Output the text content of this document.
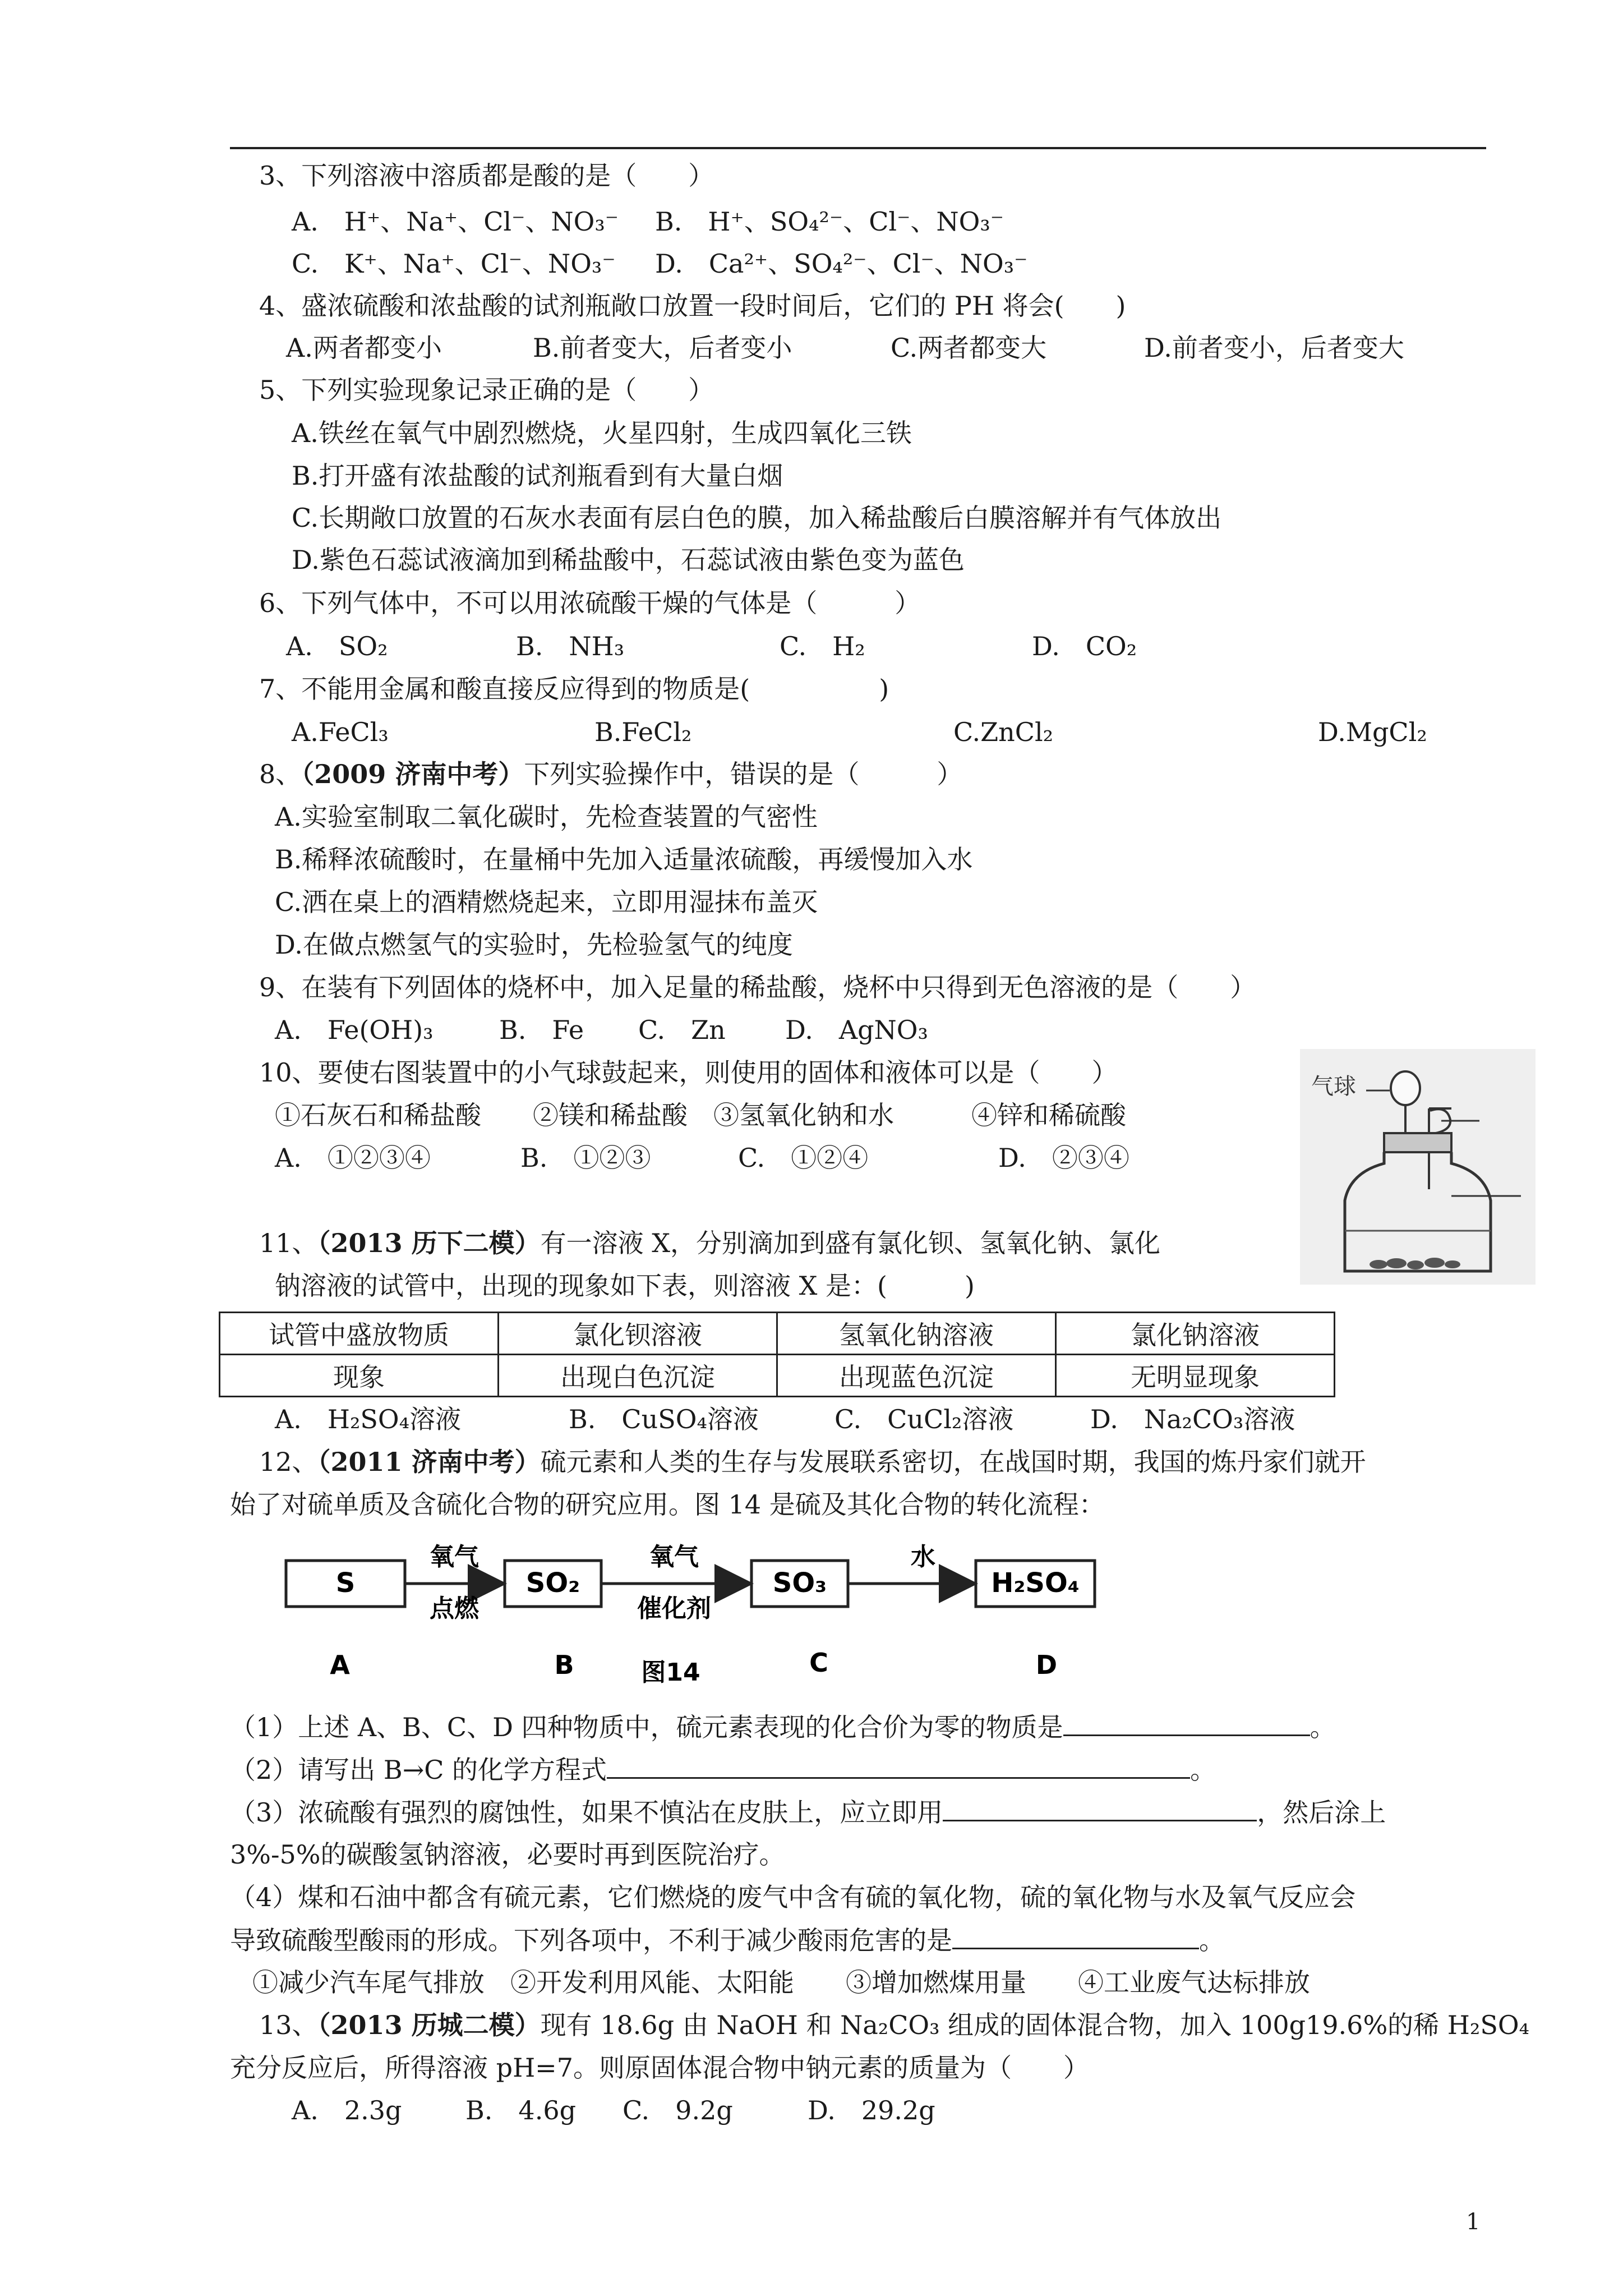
3、下列溶液中溶质都是酸的是（　　）
A.　H⁺、Na⁺、Cl⁻、NO₃⁻ B.　H⁺、SO₄²⁻、Cl⁻、NO₃⁻
C.　K⁺、Na⁺、Cl⁻、NO₃⁻ D.　Ca²⁺、SO₄²⁻、Cl⁻、NO₃⁻
4、盛浓硫酸和浓盐酸的试剂瓶敞口放置一段时间后，它们的 PH 将会(　　)
A.两者都变小	B.前者变大，后者变小	C.两者都变大	D.前者变小，后者变大
5、下列实验现象记录正确的是（　　）
A.铁丝在氧气中剧烈燃烧，火星四射，生成四氧化三铁
B.打开盛有浓盐酸的试剂瓶看到有大量白烟
C.长期敞口放置的石灰水表面有层白色的膜，加入稀盐酸后白膜溶解并有气体放出
D.紫色石蕊试液滴加到稀盐酸中，石蕊试液由紫色变为蓝色
6、下列气体中，不可以用浓硫酸干燥的气体是（　　　）
A.　SO₂	B.　NH₃	C.　H₂	D.　CO₂
7、不能用金属和酸直接反应得到的物质是(　　　　　)
A.FeCl₃	B.FeCl₂	C.ZnCl₂	D.MgCl₂
8、（2009 济南中考）下列实验操作中，错误的是（　　　）
A.实验室制取二氧化碳时，先检查装置的气密性
B.稀释浓硫酸时，在量桶中先加入适量浓硫酸，再缓慢加入水
C.洒在桌上的酒精燃烧起来，立即用湿抹布盖灭
D.在做点燃氢气的实验时，先检验氢气的纯度
9、在装有下列固体的烧杯中，加入足量的稀盐酸，烧杯中只得到无色溶液的是（　　）
A.　Fe(OH)₃	B.　Fe C.　Zn D.　AgNO₃
10、要使右图装置中的小气球鼓起来，则使用的固体和液体可以是（　　）
①石灰石和稀盐酸　　②镁和稀盐酸　③氢氧化钠和水　　　④锌和稀硫酸
A.　①②③④	B.　①②③	C.　①②④	D.　②③④
气球
11、（2013 历下二模）有一溶液 X，分别滴加到盛有氯化钡、氢氧化钠、氯化
钠溶液的试管中，出现的现象如下表，则溶液 X 是：(　　　)
试管中盛放物质	氯化钡溶液	氢氧化钠溶液	氯化钠溶液
现象	出现白色沉淀	出现蓝色沉淀	无明显现象
A.　H₂SO₄溶液	B.　CuSO₄溶液	C.　CuCl₂溶液	D.　Na₂CO₃溶液
12、（2011 济南中考）硫元素和人类的生存与发展联系密切，在战国时期，我国的炼丹家们就开
始了对硫单质及含硫化合物的研究应用。图 14 是硫及其化合物的转化流程：
S	SO₂	SO₃	H₂SO₄
氧气
点燃
氧气
催化剂
水
A	B	图14	C	D
（1）上述 A、B、C、D 四种物质中，硫元素表现的化合价为零的物质是	。
（2）请写出 B→C 的化学方程式	。
（3）浓硫酸有强烈的腐蚀性，如果不慎沾在皮肤上，应立即用	，然后涂上
3%-5%的碳酸氢钠溶液，必要时再到医院治疗。
（4）煤和石油中都含有硫元素，它们燃烧的废气中含有硫的氧化物，硫的氧化物与水及氧气反应会
导致硫酸型酸雨的形成。下列各项中，不利于减少酸雨危害的是	。
①减少汽车尾气排放　②开发利用风能、太阳能　　③增加燃煤用量　　④工业废气达标排放
13、（2013 历城二模）现有 18.6g 由 NaOH 和 Na₂CO₃ 组成的固体混合物，加入 100g19.6%的稀 H₂SO₄
充分反应后，所得溶液 pH=7。则原固体混合物中钠元素的质量为（　　）
A.　2.3g B.　4.6g C.　9.2g	D.　29.2g
1
